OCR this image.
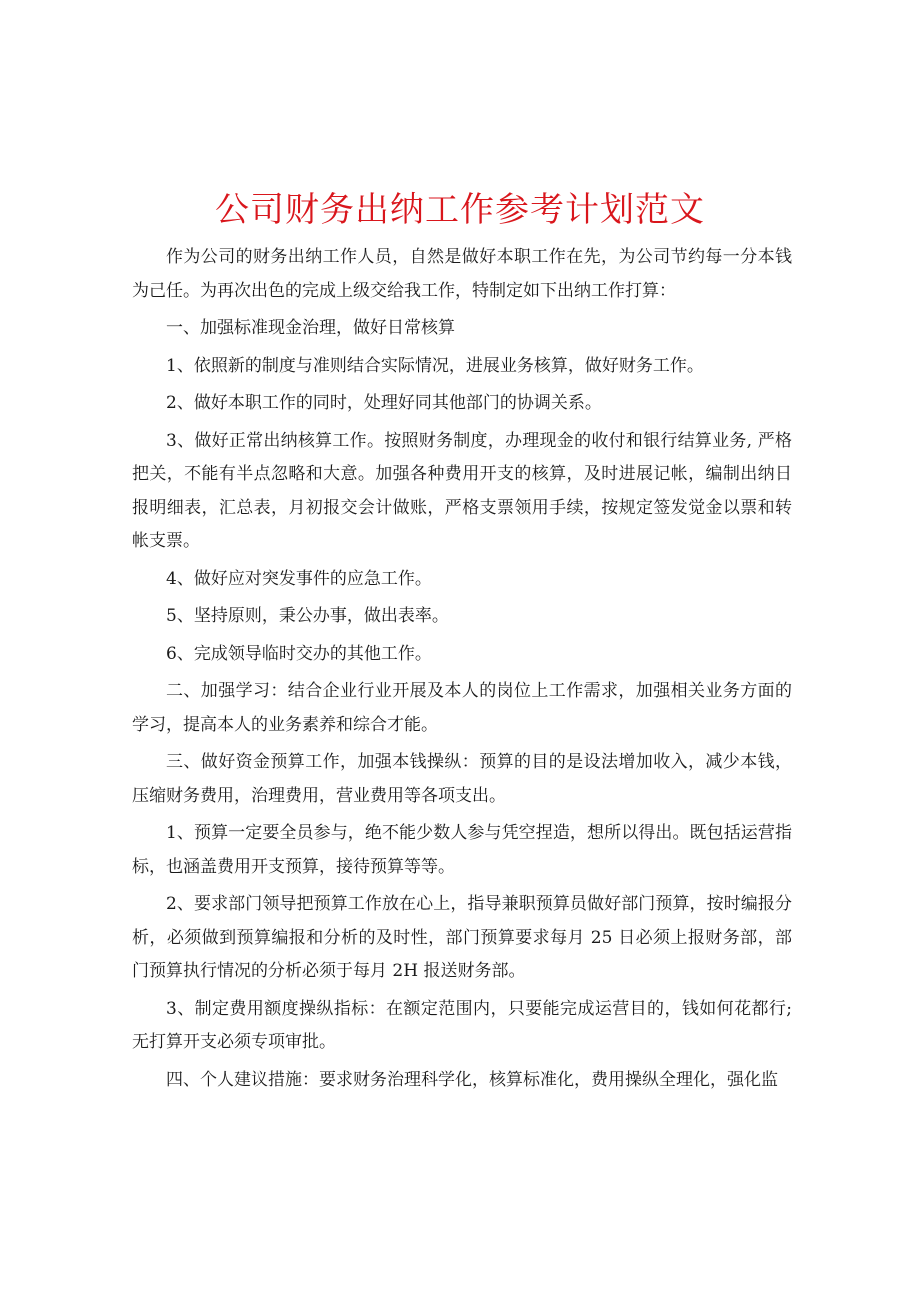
公司财务出纳工作参考计划范文

作为公司的财务出纳工作人员，自然是做好本职工作在先，为公司节约每一分本钱为己任。为再次出色的完成上级交给我工作，特制定如下出纳工作打算：

一、加强标准现金治理，做好日常核算

1、依照新的制度与准则结合实际情况，进展业务核算，做好财务工作。

2、做好本职工作的同时，处理好同其他部门的协调关系。

3、做好正常出纳核算工作。按照财务制度，办理现金的收付和银行结算业务, 严格把关，不能有半点忽略和大意。加强各种费用开支的核算，及时进展记帐，编制出纳日报明细表，汇总表，月初报交会计做账，严格支票领用手续，按规定签发觉金以票和转帐支票。

4、做好应对突发事件的应急工作。

5、坚持原则，秉公办事，做出表率。

6、完成领导临时交办的其他工作。

二、加强学习：结合企业行业开展及本人的岗位上工作需求，加强相关业务方面的学习，提高本人的业务素养和综合才能。

三、做好资金预算工作，加强本钱操纵：预算的目的是设法增加收入，减少本钱，压缩财务费用，治理费用，营业费用等各项支出。

1、预算一定要全员参与，绝不能少数人参与凭空捏造，想所以得出。既包括运营指标，也涵盖费用开支预算，接待预算等等。

2、要求部门领导把预算工作放在心上，指导兼职预算员做好部门预算，按时编报分析，必须做到预算编报和分析的及时性，部门预算要求每月 25 日必须上报财务部，部门预算执行情况的分析必须于每月 2H 报送财务部。

3、制定费用额度操纵指标：在额定范围内，只要能完成运营目的，钱如何花都行; 无打算开支必须专项审批。

四、个人建议措施：要求财务治理科学化，核算标准化，费用操纵全理化，强化监
